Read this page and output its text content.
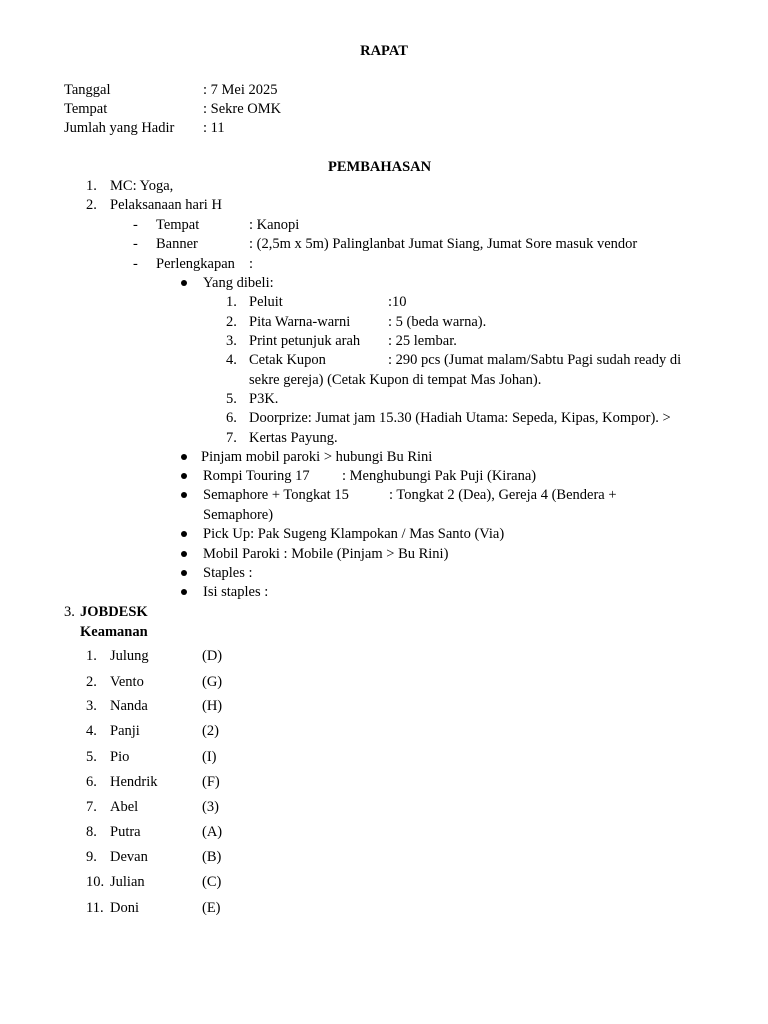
RAPAT
Tanggal	: 7 Mei 2025
Tempat	: Sekre OMK
Jumlah yang Hadir : 11
PEMBAHASAN
1. MC: Yoga,
2. Pelaksanaan hari H
- Tempat	: Kanopi
- Banner	: (2,5m x 5m) Palinglanbat Jumat Siang, Jumat Sore masuk vendor
- Perlengkapan :
Yang dibeli:
1. Peluit	:10
2. Pita Warna-warni	: 5 (beda warna).
3. Print petunjuk arah : 25 lembar.
4. Cetak Kupon	: 290 pcs (Jumat malam/Sabtu Pagi sudah ready di
sekre gereja) (Cetak Kupon di tempat Mas Johan).
5. P3K.
6. Doorprize: Jumat jam 15.30 (Hadiah Utama: Sepeda, Kipas, Kompor). >
7. Kertas Payung.
Pinjam mobil paroki > hubungi Bu Rini
Rompi Touring 17 : Menghubungi Pak Puji (Kirana)
Semaphore + Tongkat 15	: Tongkat 2 (Dea), Gereja 4 (Bendera +
Semaphore)
Pick Up: Pak Sugeng Klampokan / Mas Santo (Via)
Mobil Paroki : Mobile (Pinjam > Bu Rini)
Staples :
Isi staples :
3. JOBDESK
Keamanan
1. Julung	(D)
2. Vento	(G)
3. Nanda	(H)
4. Panji	(2)
5. Pio	(I)
6. Hendrik	(F)
7. Abel	(3)
8. Putra	(A)
9. Devan	(B)
10. Julian	(C)
11. Doni	(E)
